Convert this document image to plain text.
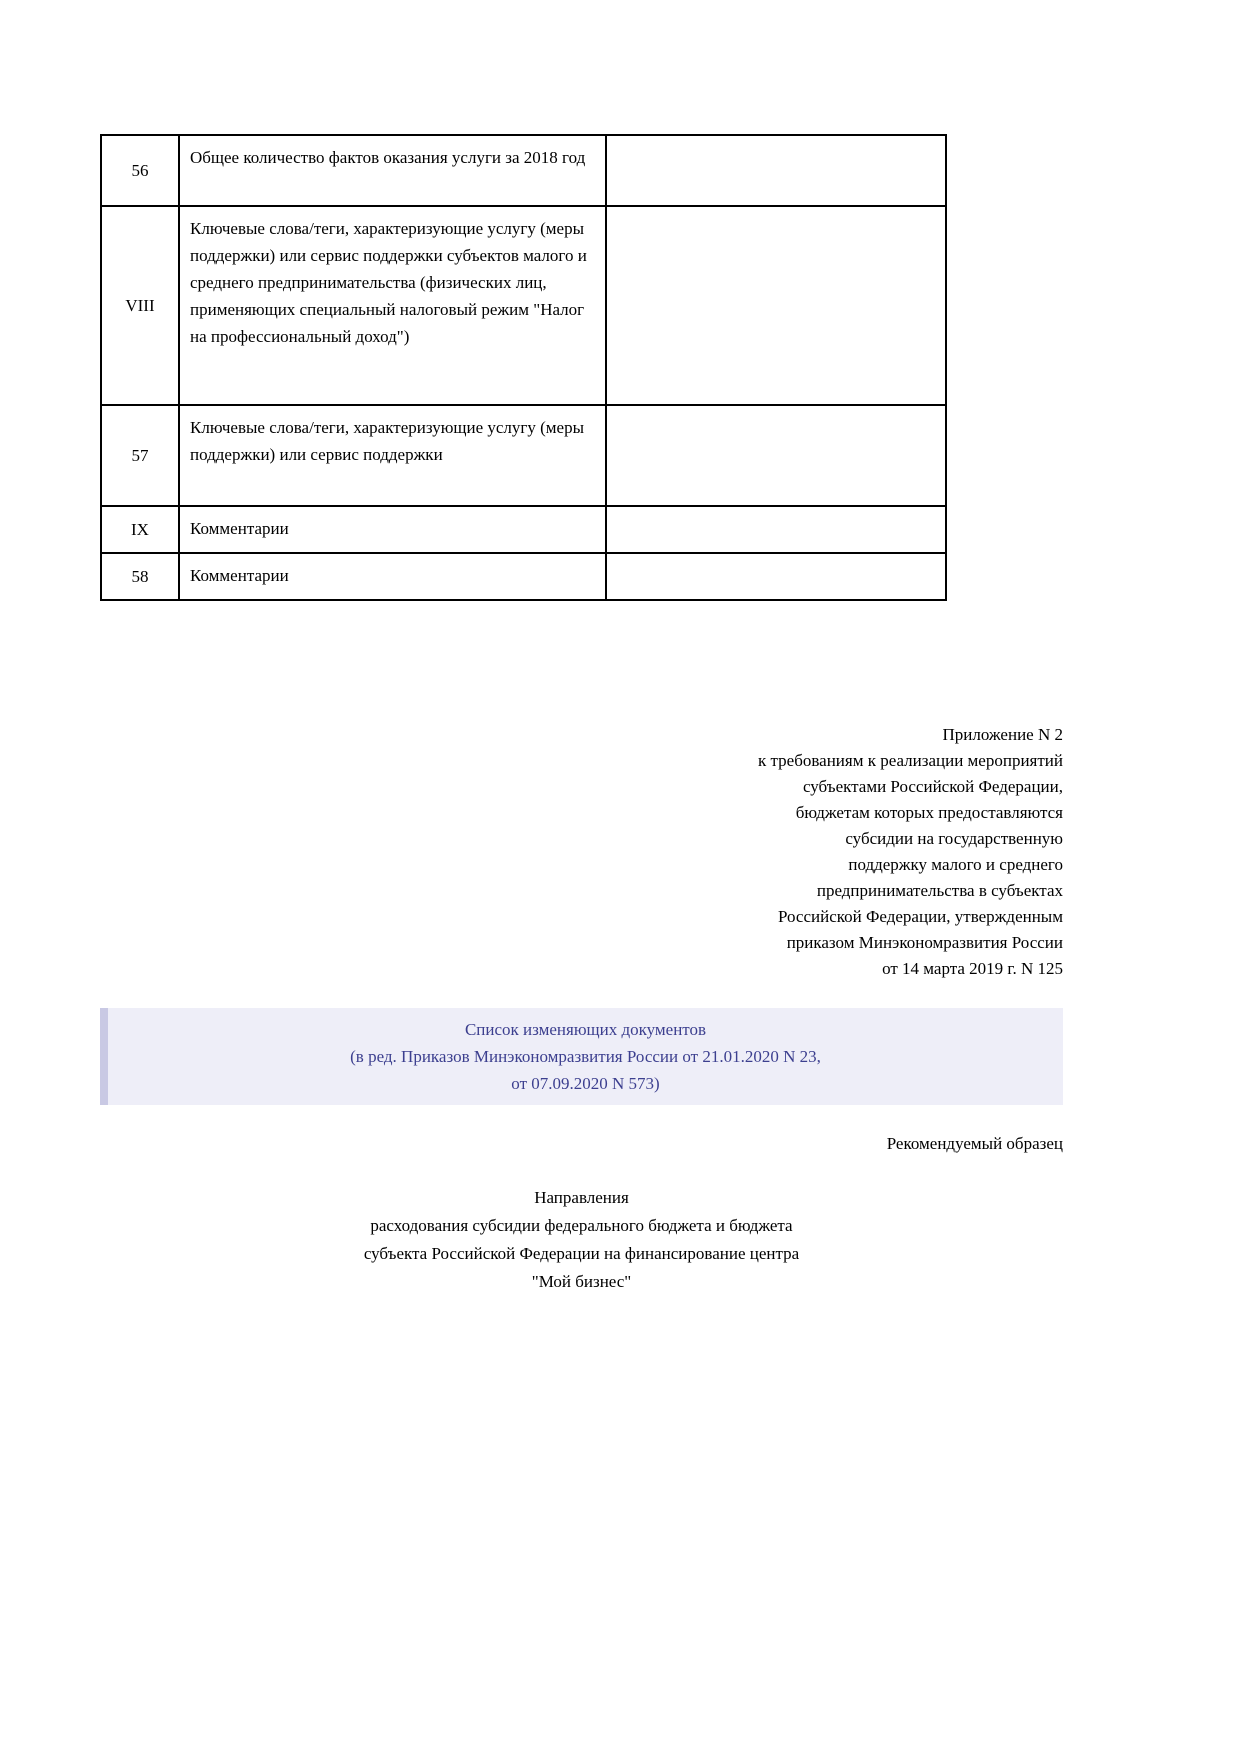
56	Общее количество фактов оказания услуги за 2018 год	
VIII	Ключевые слова/теги, характеризующие услугу (меры поддержки) или сервис поддержки субъектов малого и среднего предпринимательства (физических лиц, применяющих специальный налоговый режим "Налог на профессиональный доход")	
57	Ключевые слова/теги, характеризующие услугу (меры поддержки) или сервис поддержки	
IX	Комментарии	
58	Комментарии	
Приложение N 2
к требованиям к реализации мероприятий
субъектами Российской Федерации,
бюджетам которых предоставляются
субсидии на государственную
поддержку малого и среднего
предпринимательства в субъектах
Российской Федерации, утвержденным
приказом Минэкономразвития России
от 14 марта 2019 г. N 125
Список изменяющих документов
(в ред. Приказов Минэкономразвития России от 21.01.2020 N 23,
от 07.09.2020 N 573)
Рекомендуемый образец
Направления
расходования субсидии федерального бюджета и бюджета
субъекта Российской Федерации на финансирование центра
"Мой бизнес"
